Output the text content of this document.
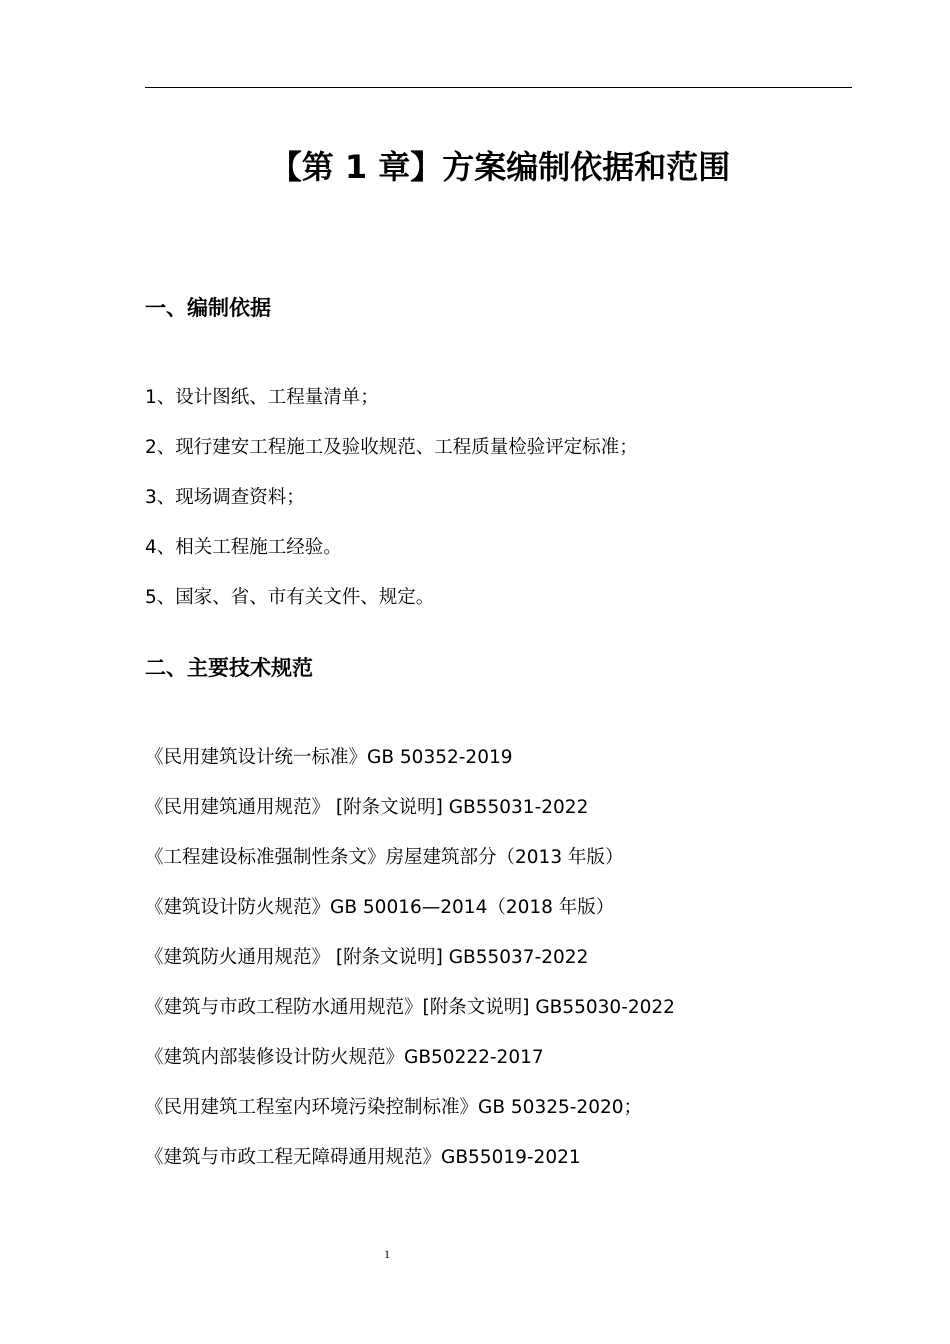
【第 1 章】方案编制依据和范围
一、编制依据
1、设计图纸、工程量清单；
2、现行建安工程施工及验收规范、工程质量检验评定标准；
3、现场调查资料；
4、相关工程施工经验。
5、国家、省、市有关文件、规定。
二、主要技术规范
《民用建筑设计统一标准》GB 50352-2019
《民用建筑通用规范》 [附条文说明] GB55031-2022
《工程建设标准强制性条文》房屋建筑部分（2013 年版）
《建筑设计防火规范》GB 50016—2014（2018 年版）
《建筑防火通用规范》 [附条文说明] GB55037-2022
《建筑与市政工程防水通用规范》[附条文说明] GB55030-2022
《建筑内部装修设计防火规范》GB50222-2017
《民用建筑工程室内环境污染控制标准》GB 50325-2020；
《建筑与市政工程无障碍通用规范》GB55019-2021
1
